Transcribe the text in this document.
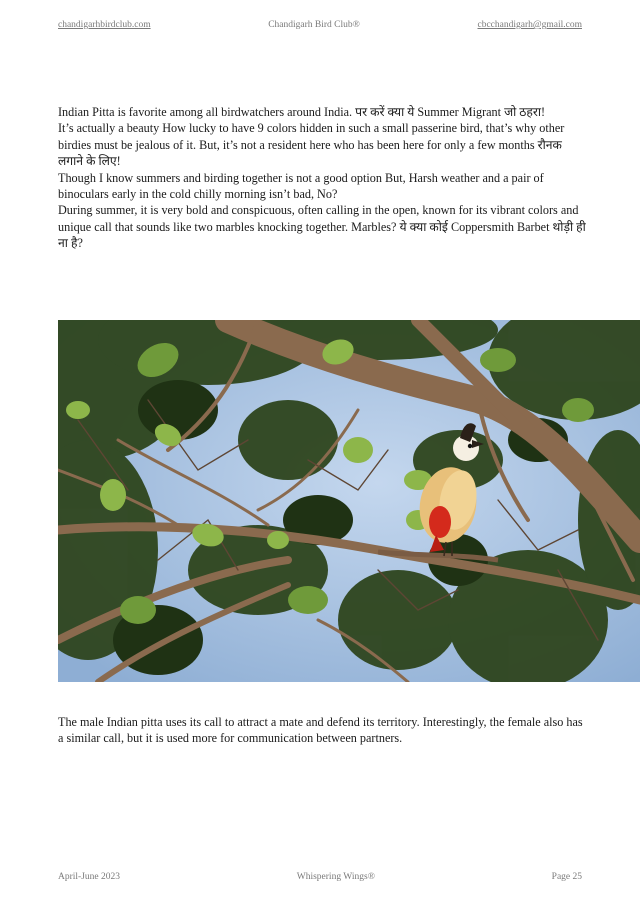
chandigarhbirdclub.com	Chandigarh Bird Club®	cbcchandigarh@gmail.com

Indian Pitta is favorite among all birdwatchers around India. पर करें क्या ये Summer Migrant जो ठहरा!

It’s actually a beauty How lucky to have 9 colors hidden in such a small passerine bird, that’s why other birdies must be jealous of it. But, it’s not a resident here who has been here for only a few months रौनक लगाने के लिए!

Though I know summers and birding together is not a good option But, Harsh weather and a pair of binoculars early in the cold chilly morning isn’t bad, No?

During summer, it is very bold and conspicuous, often calling in the open, known for its vibrant colors and unique call that sounds like two marbles knocking together. Marbles? ये क्या कोई Coppersmith Barbet थोड़ी ही ना है?

The male Indian pitta uses its call to attract a mate and defend its territory. Interestingly, the female also has a similar call, but it is used more for communication between partners.

April-June 2023	Whispering Wings®	Page 25
